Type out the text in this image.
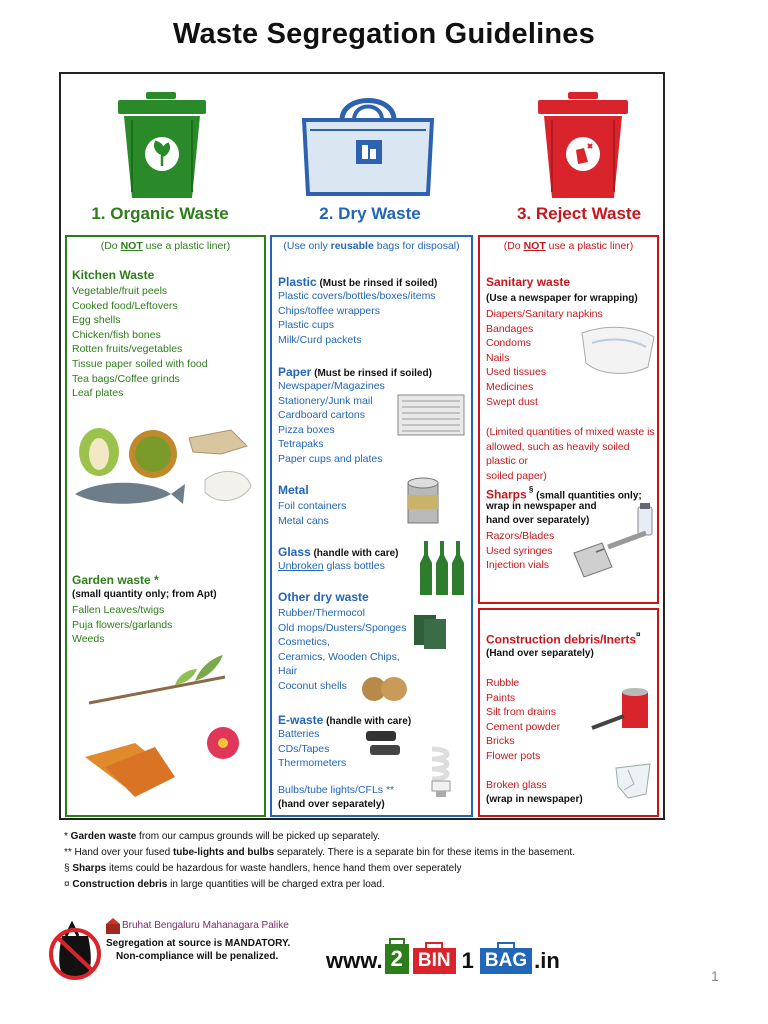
Waste Segregation Guidelines
1. Organic Waste	2. Dry Waste	3. Reject Waste
(Do NOT use a plastic liner)
Kitchen Waste
Vegetable/fruit peels
Cooked food/Leftovers
Egg shells
Chicken/fish bones
Rotten fruits/vegetables
Tissue paper soiled with food
Tea bags/Coffee grinds
Leaf plates
Garden waste *
(small quantity only; from Apt)
Fallen Leaves/twigs
Puja flowers/garlands
Weeds
(Use only reusable bags for disposal)
Plastic (Must be rinsed if soiled)
Plastic covers/bottles/boxes/items
Chips/toffee wrappers
Plastic cups
Milk/Curd packets
Paper (Must be rinsed if soiled)
Newspaper/Magazines
Stationery/Junk mail
Cardboard cartons
Pizza boxes
Tetrapaks
Paper cups and plates
Metal
Foil containers
Metal cans
Glass (handle with care)
Unbroken glass bottles
Other dry waste
Rubber/Thermocol
Old mops/Dusters/Sponges
Cosmetics,
Ceramics, Wooden Chips,
Hair
Coconut shells
E-waste (handle with care)
Batteries
CDs/Tapes
Thermometers
Bulbs/tube lights/CFLs **
(hand over separately)
(Do NOT use a plastic liner)
Sanitary waste
(Use a newspaper for wrapping)
Diapers/Sanitary napkins
Bandages
Condoms
Nails
Used tissues
Medicines
Swept dust
(Limited quantities of mixed waste is
allowed, such as heavily soiled plastic or
soiled paper)
Sharps § (small quantities only;
wrap in newspaper and
hand over separately)
Razors/Blades
Used syringes
Injection vials
Construction debris/Inerts¤
(Hand over separately)
Rubble
Paints
Silt from drains
Cement powder
Bricks
Flower pots
Broken glass
(wrap in newspaper)
* Garden waste from our campus grounds will be picked up separately.
** Hand over your fused tube-lights and bulbs separately. There is a separate bin for these items in the basement.
§ Sharps items could be hazardous for waste handlers, hence hand them over seperately
¤ Construction debris in large quantities will be charged extra per load.
Bruhat Bengaluru Mahanagara Palike
Segregation at source is MANDATORY.
Non-compliance will be penalized. www. 2 BIN 1 BAG .in
1
